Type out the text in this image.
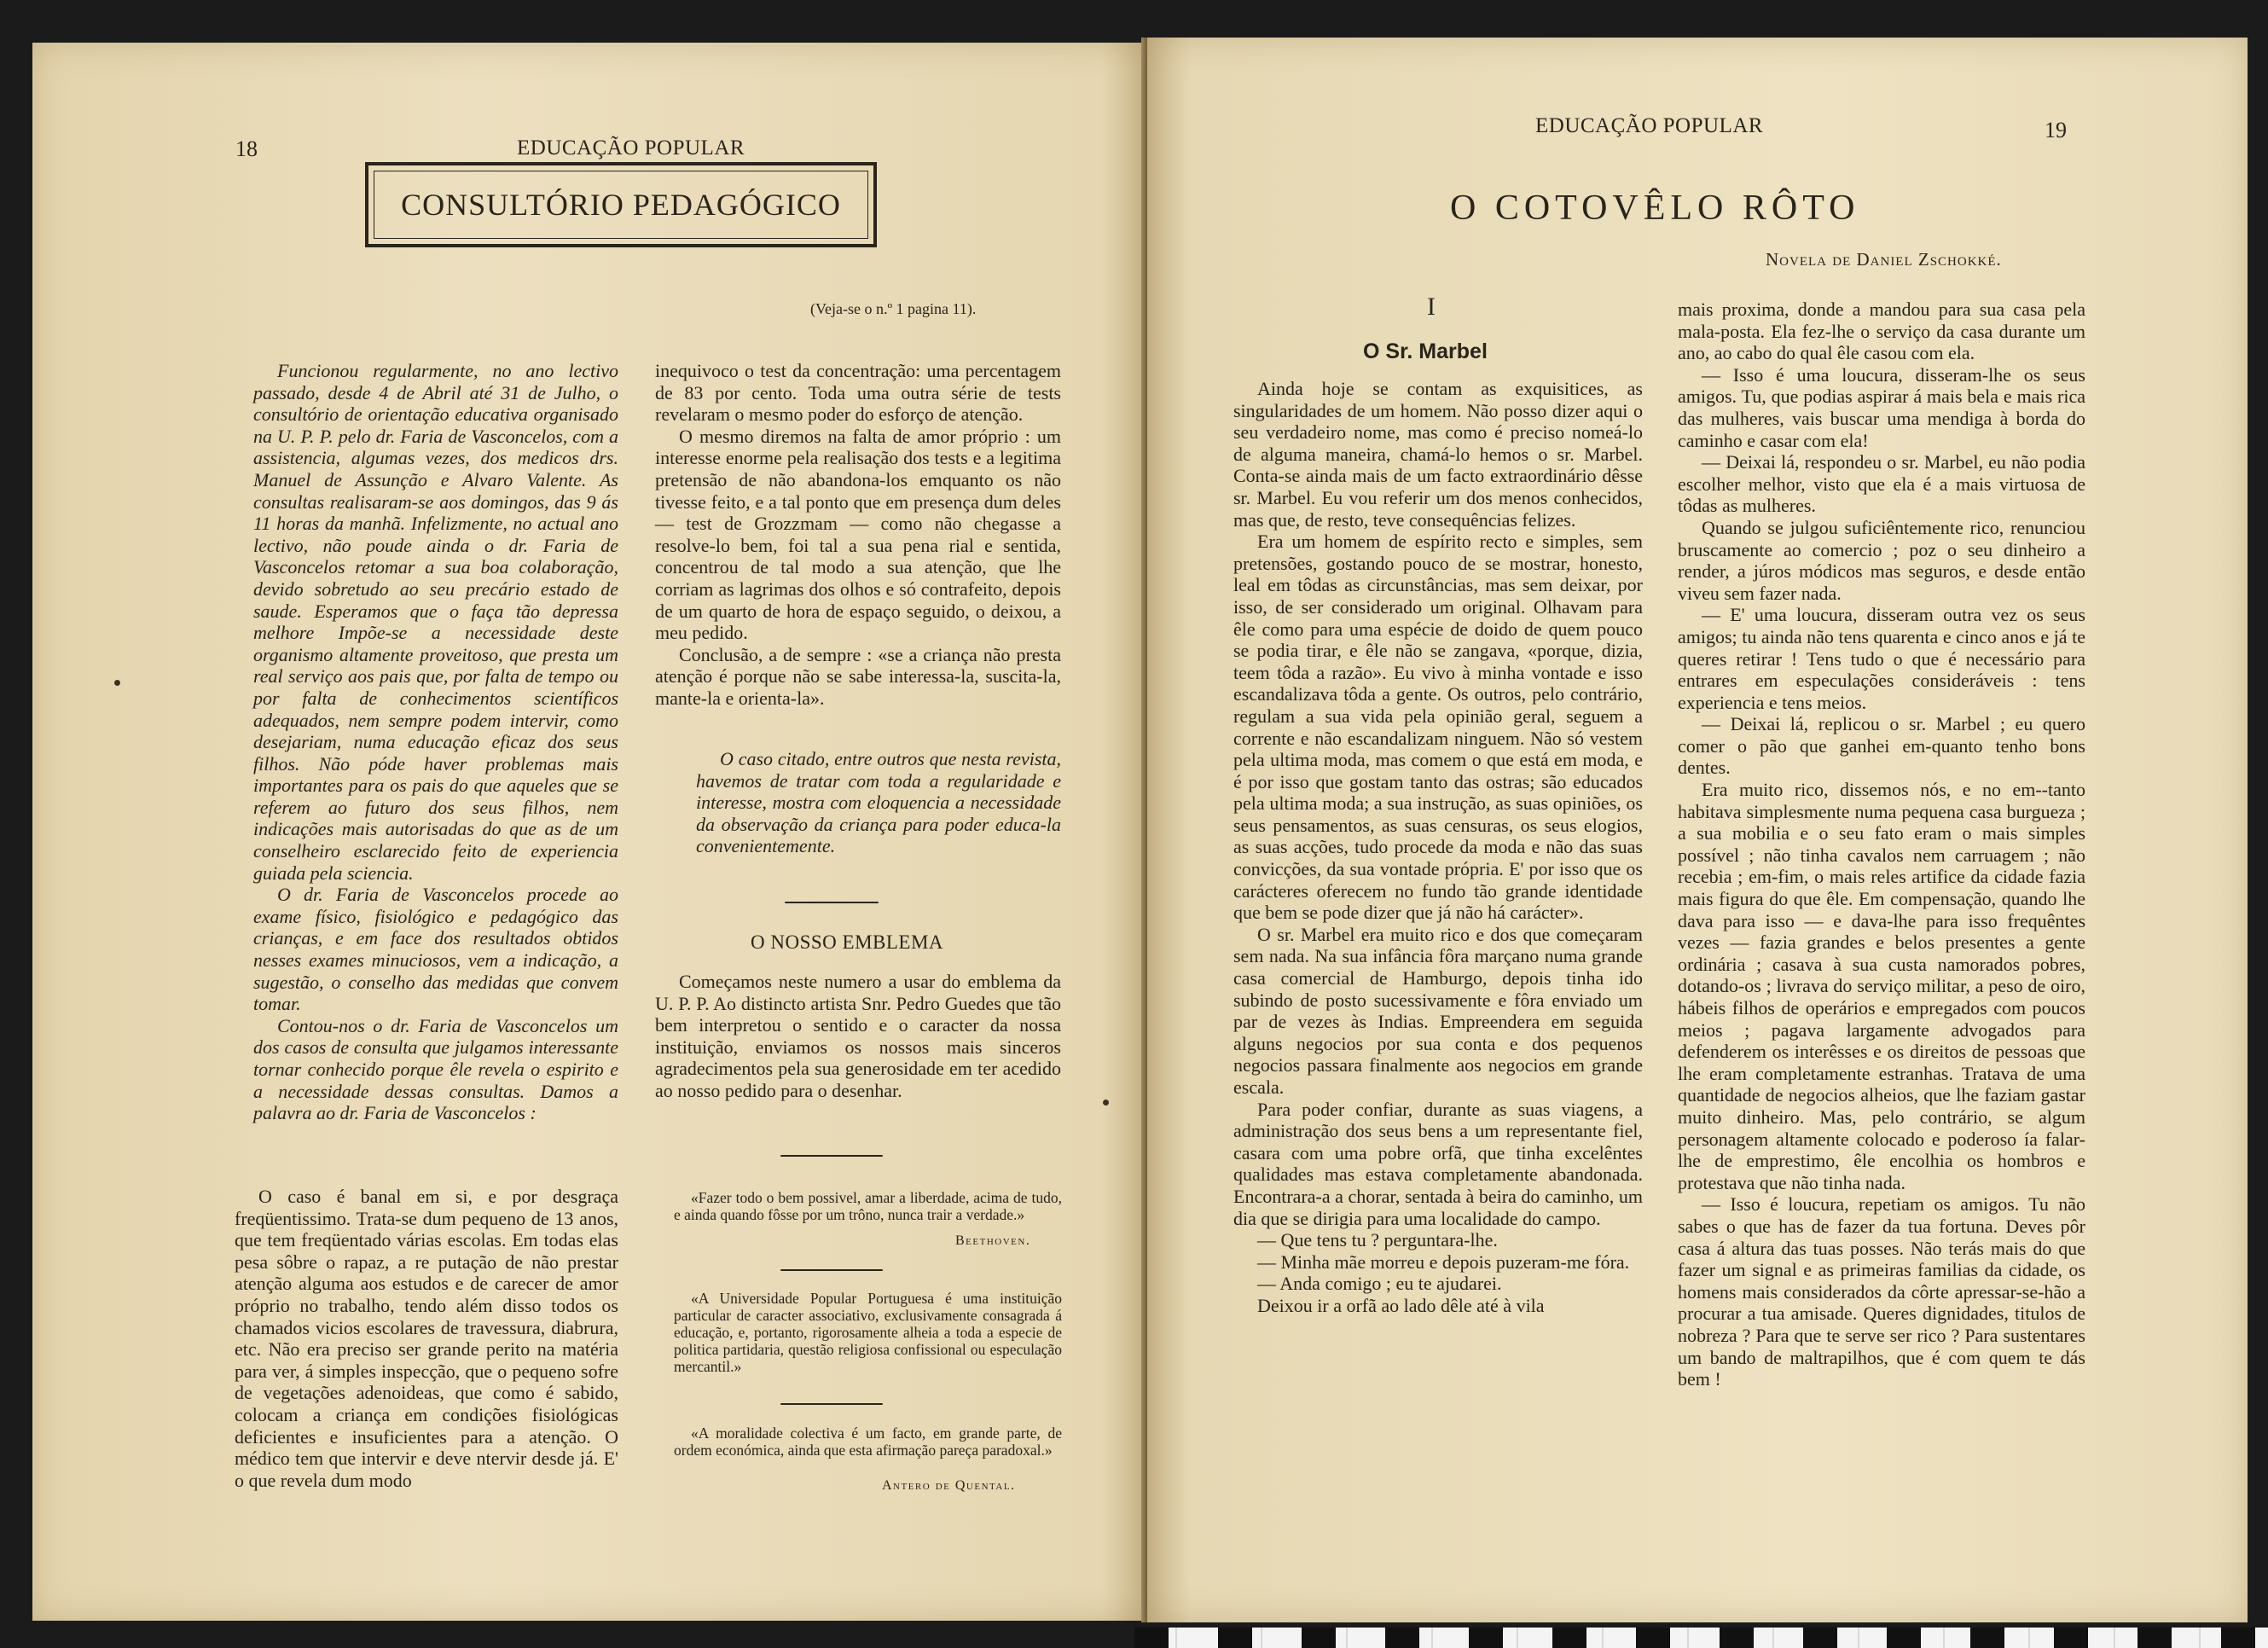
18	EDUCAÇÃO POPULAR
CONSULTÓRIO PEDAGÓGICO
(Veja-se o n.º 1 pagina 11).

Funcionou regularmente, no ano lectivo passado, desde 4 de Abril até 31 de Julho, o consultório de orientação educativa organisado na U. P. P. pelo dr. Faria de Vasconcelos, com a assistencia, algumas vezes, dos medicos drs. Manuel de Assunção e Alvaro Valente. As consultas realisaram-se aos domingos, das 9 ás 11 horas da manhã. Infelizmente, no actual ano lectivo, não poude ainda o dr. Faria de Vasconcelos retomar a sua boa colaboração, devido sobretudo ao seu precário estado de saude. Esperamos que o faça tão depressa melhore Impõe-se a necessidade deste organismo altamente proveitoso, que presta um real serviço aos pais que, por falta de tempo ou por falta de conhecimentos scientíficos adequados, nem sempre podem intervir, como desejariam, numa educação eficaz dos seus filhos. Não póde haver problemas mais importantes para os pais do que aqueles que se referem ao futuro dos seus filhos, nem indicações mais autorisadas do que as de um conselheiro esclarecido feito de experiencia guiada pela sciencia.

O dr. Faria de Vasconcelos procede ao exame físico, fisiológico e pedagógico das crianças, e em face dos resultados obtidos nesses exames minuciosos, vem a indicação, a sugestão, o conselho das medidas que convem tomar.

Contou-nos o dr. Faria de Vasconcelos um dos casos de consulta que julgamos interessante tornar conhecido porque êle revela o espirito e a necessidade dessas consultas. Damos a palavra ao dr. Faria de Vasconcelos :

O caso é banal em si, e por desgraça freqüentissimo. Trata-se dum pequeno de 13 anos, que tem freqüentado várias escolas. Em todas elas pesa sôbre o rapaz, a re putação de não prestar atenção alguma aos estudos e de carecer de amor próprio no trabalho, tendo além disso todos os chamados vicios escolares de travessura, diabrura, etc. Não era preciso ser grande perito na matéria para ver, á simples inspecção, que o pequeno sofre de vegetações adenoideas, que como é sabido, colocam a criança em condições fisiológicas deficientes e insuficientes para a atenção. O médico tem que intervir e deve ntervir desde já. E' o que revela dum modo

inequivoco o test da concentração: uma percentagem de 83 por cento. Toda uma outra série de tests revelaram o mesmo poder do esforço de atenção.

O mesmo diremos na falta de amor próprio : um interesse enorme pela realisação dos tests e a legitima pretensão de não abandona-los emquanto os não tivesse feito, e a tal ponto que em presença dum deles — test de Grozzmam — como não chegasse a resolve-lo bem, foi tal a sua pena rial e sentida, concentrou de tal modo a sua atenção, que lhe corriam as lagrimas dos olhos e só contrafeito, depois de um quarto de hora de espaço seguido, o deixou, a meu pedido.

Conclusão, a de sempre : «se a criança não presta atenção é porque não se sabe interessa-la, suscita-la, mante-la e orienta-la».

O caso citado, entre outros que nesta revista, havemos de tratar com toda a regularidade e interesse, mostra com eloquencia a necessidade da observação da criança para poder educa-la convenientemente.

O NOSSO EMBLEMA

Começamos neste numero a usar do emblema da U. P. P. Ao distincto artista Snr. Pedro Guedes que tão bem interpretou o sentido e o caracter da nossa instituição, enviamos os nossos mais sinceros agradecimentos pela sua generosidade em ter acedido ao nosso pedido para o desenhar.

«Fazer todo o bem possivel, amar a liberdade, acima de tudo, e ainda quando fôsse por um trôno, nunca trair a verdade.»

Beethoven.

«A Universidade Popular Portuguesa é uma instituição particular de caracter associativo, exclusivamente consagrada á educação, e, portanto, rigorosamente alheia a toda a especie de politica partidaria, questão religiosa confissional ou especulação mercantil.»

«A moralidade colectiva é um facto, em grande parte, de ordem económica, ainda que esta afirmação pareça paradoxal.»

Antero de Quental.
EDUCAÇÃO POPULAR	19
O COTOVÊLO RÔTO
Novela de Daniel Zschokké.
I
O Sr. Marbel

Ainda hoje se contam as exquisitices, as singularidades de um homem. Não posso dizer aqui o seu verdadeiro nome, mas como é preciso nomeá-lo de alguma maneira, chamá-lo hemos o sr. Marbel. Conta-se ainda mais de um facto extraordinário dêsse sr. Marbel. Eu vou referir um dos menos conhecidos, mas que, de resto, teve consequências felizes.

Era um homem de espírito recto e simples, sem pretensões, gostando pouco de se mostrar, honesto, leal em tôdas as circunstâncias, mas sem deixar, por isso, de ser considerado um original. Olhavam para êle como para uma espécie de doido de quem pouco se podia tirar, e êle não se zangava, «porque, dizia, teem tôda a razão». Eu vivo à minha vontade e isso escandalizava tôda a gente. Os outros, pelo contrário, regulam a sua vida pela opinião geral, seguem a corrente e não escandalizam ninguem. Não só vestem pela ultima moda, mas comem o que está em moda, e é por isso que gostam tanto das ostras; são educados pela ultima moda; a sua instrução, as suas opiniões, os seus pensamentos, as suas censuras, os seus elogios, as suas acções, tudo procede da moda e não das suas convicções, da sua vontade própria. E' por isso que os carácteres oferecem no fundo tão grande identidade que bem se pode dizer que já não há carácter».

O sr. Marbel era muito rico e dos que começaram sem nada. Na sua infância fôra marçano numa grande casa comercial de Hamburgo, depois tinha ido subindo de posto sucessivamente e fôra enviado um par de vezes às Indias. Empreendera em seguida alguns negocios por sua conta e dos pequenos negocios passara finalmente aos negocios em grande escala.

Para poder confiar, durante as suas viagens, a administração dos seus bens a um representante fiel, casara com uma pobre orfã, que tinha excelêntes qualidades mas estava completamente abandonada. Encontrara-a a chorar, sentada à beira do caminho, um dia que se dirigia para uma localidade do campo.

— Que tens tu ? perguntara-lhe.

— Minha mãe morreu e depois puzeram-me fóra.

— Anda comigo ; eu te ajudarei.

Deixou ir a orfã ao lado dêle até à vila

mais proxima, donde a mandou para sua casa pela mala-posta. Ela fez-lhe o serviço da casa durante um ano, ao cabo do qual êle casou com ela.

— Isso é uma loucura, disseram-lhe os seus amigos. Tu, que podias aspirar á mais bela e mais rica das mulheres, vais buscar uma mendiga à borda do caminho e casar com ela!

— Deixai lá, respondeu o sr. Marbel, eu não podia escolher melhor, visto que ela é a mais virtuosa de tôdas as mulheres.

Quando se julgou suficiêntemente rico, renunciou bruscamente ao comercio ; poz o seu dinheiro a render, a júros módicos mas seguros, e desde então viveu sem fazer nada.

— E' uma loucura, disseram outra vez os seus amigos; tu ainda não tens quarenta e cinco anos e já te queres retirar ! Tens tudo o que é necessário para entrares em especulações consideráveis : tens experiencia e tens meios.

— Deixai lá, replicou o sr. Marbel ; eu quero comer o pão que ganhei em-quanto tenho bons dentes.

Era muito rico, dissemos nós, e no em--tanto habitava simplesmente numa pequena casa burgueza ; a sua mobilia e o seu fato eram o mais simples possível ; não tinha cavalos nem carruagem ; não recebia ; em-fim, o mais reles artifice da cidade fazia mais figura do que êle. Em compensação, quando lhe dava para isso — e dava-lhe para isso frequêntes vezes — fazia grandes e belos presentes a gente ordinária ; casava à sua custa namorados pobres, dotando-os ; livrava do serviço militar, a peso de oiro, hábeis filhos de operários e empregados com poucos meios ; pagava largamente advogados para defenderem os interêsses e os direitos de pessoas que lhe eram completamente estranhas. Tratava de uma quantidade de negocios alheios, que lhe faziam gastar muito dinheiro. Mas, pelo contrário, se algum personagem altamente colocado e poderoso ía falar-lhe de emprestimo, êle encolhia os hombros e protestava que não tinha nada.

— Isso é loucura, repetiam os amigos. Tu não sabes o que has de fazer da tua fortuna. Deves pôr casa á altura das tuas posses. Não terás mais do que fazer um signal e as primeiras familias da cidade, os homens mais considerados da côrte apressar-se-hão a procurar a tua amisade. Queres dignidades, titulos de nobreza ? Para que te serve ser rico ? Para sustentares um bando de maltrapilhos, que é com quem te dás bem !
